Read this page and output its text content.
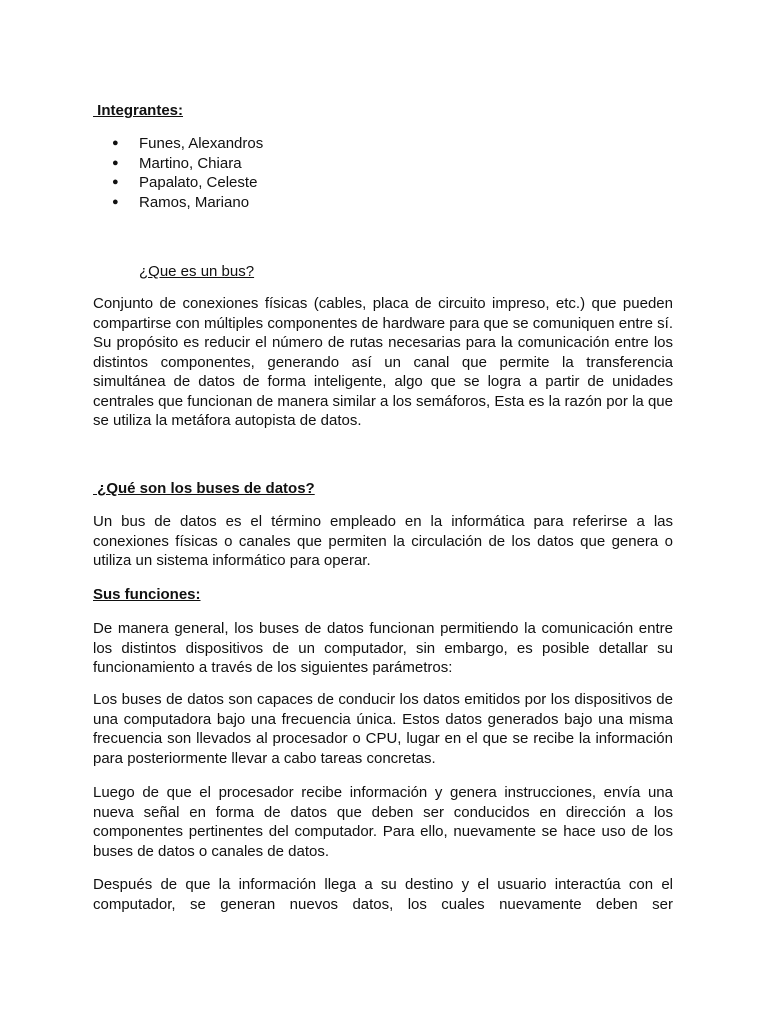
Integrantes:
● Funes, Alexandros
● Martino, Chiara
● Papalato, Celeste
● Ramos, Mariano
¿Que es un bus?

Conjunto de conexiones físicas (cables, placa de circuito impreso, etc.) que pueden compartirse con múltiples componentes de hardware para que se comuniquen entre sí. Su propósito es reducir el número de rutas necesarias para la comunicación entre los distintos componentes, generando así un canal que permite la transferencia simultánea de datos de forma inteligente, algo que se logra a partir de unidades centrales que funcionan de manera similar a los semáforos, Esta es la razón por la que se utiliza la metáfora autopista de datos.

¿Qué son los buses de datos?

Un bus de datos es el término empleado en la informática para referirse a las conexiones físicas o canales que permiten la circulación de los datos que genera o utiliza un sistema informático para operar.

Sus funciones:

De manera general, los buses de datos funcionan permitiendo la comunicación entre los distintos dispositivos de un computador, sin embargo, es posible detallar su funcionamiento a través de los siguientes parámetros:

Los buses de datos son capaces de conducir los datos emitidos por los dispositivos de una computadora bajo una frecuencia única. Estos datos generados bajo una misma frecuencia son llevados al procesador o CPU, lugar en el que se recibe la información para posteriormente llevar a cabo tareas concretas.

Luego de que el procesador recibe información y genera instrucciones, envía una nueva señal en forma de datos que deben ser conducidos en dirección a los componentes pertinentes del computador. Para ello, nuevamente se hace uso de los buses de datos o canales de datos.

Después de que la información llega a su destino y el usuario interactúa con el computador, se generan nuevos datos, los cuales nuevamente deben ser
